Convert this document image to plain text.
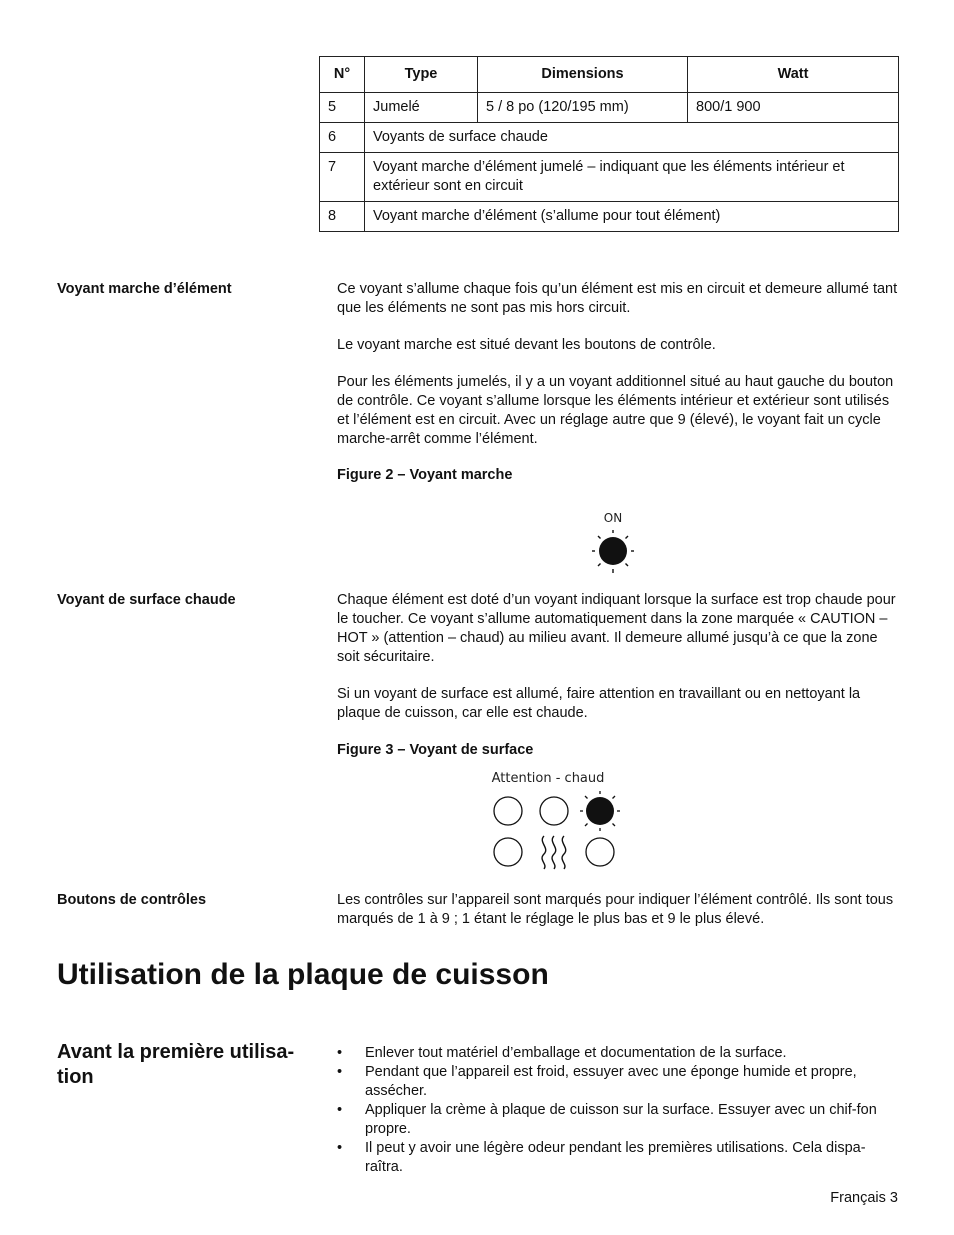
N°	Type	Dimensions	Watt
5	Jumelé	5 / 8 po (120/195 mm)	800/1 900
6	Voyants de surface chaude		
7	Voyant marche d’élément jumelé – indiquant que les éléments intérieur et extérieur sont en circuit		
8	Voyant marche d’élément (s’allume pour tout élément)		
Voyant marche d’élément	Ce voyant s’allume chaque fois qu’un élément est mis en circuit et demeure allumé tant que les éléments ne sont pas mis hors circuit.

Le voyant marche est situé devant les boutons de contrôle.

Pour les éléments jumelés, il y a un voyant additionnel situé au haut gauche du bouton de contrôle. Ce voyant s’allume lorsque les éléments intérieur et extérieur sont utilisés et l’élément est en circuit. Avec un réglage autre que 9 (élevé), le voyant fait un cycle marche-arrêt comme l’élément.

Figure 2 – Voyant marche
ON
Voyant de surface chaude	Chaque élément est doté d’un voyant indiquant lorsque la surface est trop chaude pour le toucher. Ce voyant s’allume automatiquement dans la zone marquée « CAUTION – HOT » (attention – chaud) au milieu avant. Il demeure allumé jusqu’à ce que la zone soit sécuritaire.

Si un voyant de surface est allumé, faire attention en travaillant ou en nettoyant la plaque de cuisson, car elle est chaude.

Figure 3 – Voyant de surface
Attention - chaud
Boutons de contrôles	Les contrôles sur l’appareil sont marqués pour indiquer l’élément contrôlé. Ils sont tous marqués de 1 à 9 ; 1 étant le réglage le plus bas et 9 le plus élevé.

Utilisation de la plaque de cuisson
Avant la première utilisa-tion
• Enlever tout matériel d’emballage et documentation de la surface.
• Pendant que l’appareil est froid, essuyer avec une éponge humide et propre, assécher.
• Appliquer la crème à plaque de cuisson sur la surface. Essuyer avec un chif-fon propre.
• Il peut y avoir une légère odeur pendant les premières utilisations. Cela dispa-raîtra.
Français 3
